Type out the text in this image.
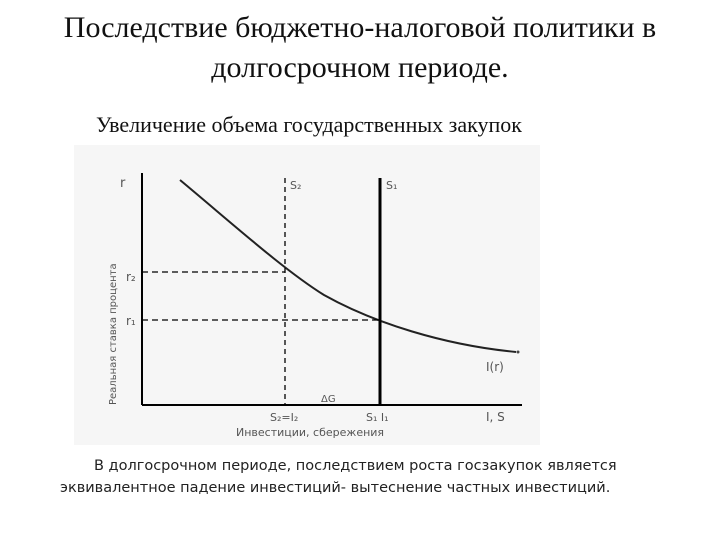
Последствие бюджетно-налоговой политики в
долгосрочном периоде.
Увеличение объема государственных закупок
r
Реальная ставка процента r₂
r₁
S₂	S₁
I(r)
ΔG
S₂=I₂	S₁ I₁	I, S
Инвестиции, сбережения
В долгосрочном периоде, последствием роста госзакупок является
эквивалентное падение инвестиций- вытеснение частных инвестиций.
